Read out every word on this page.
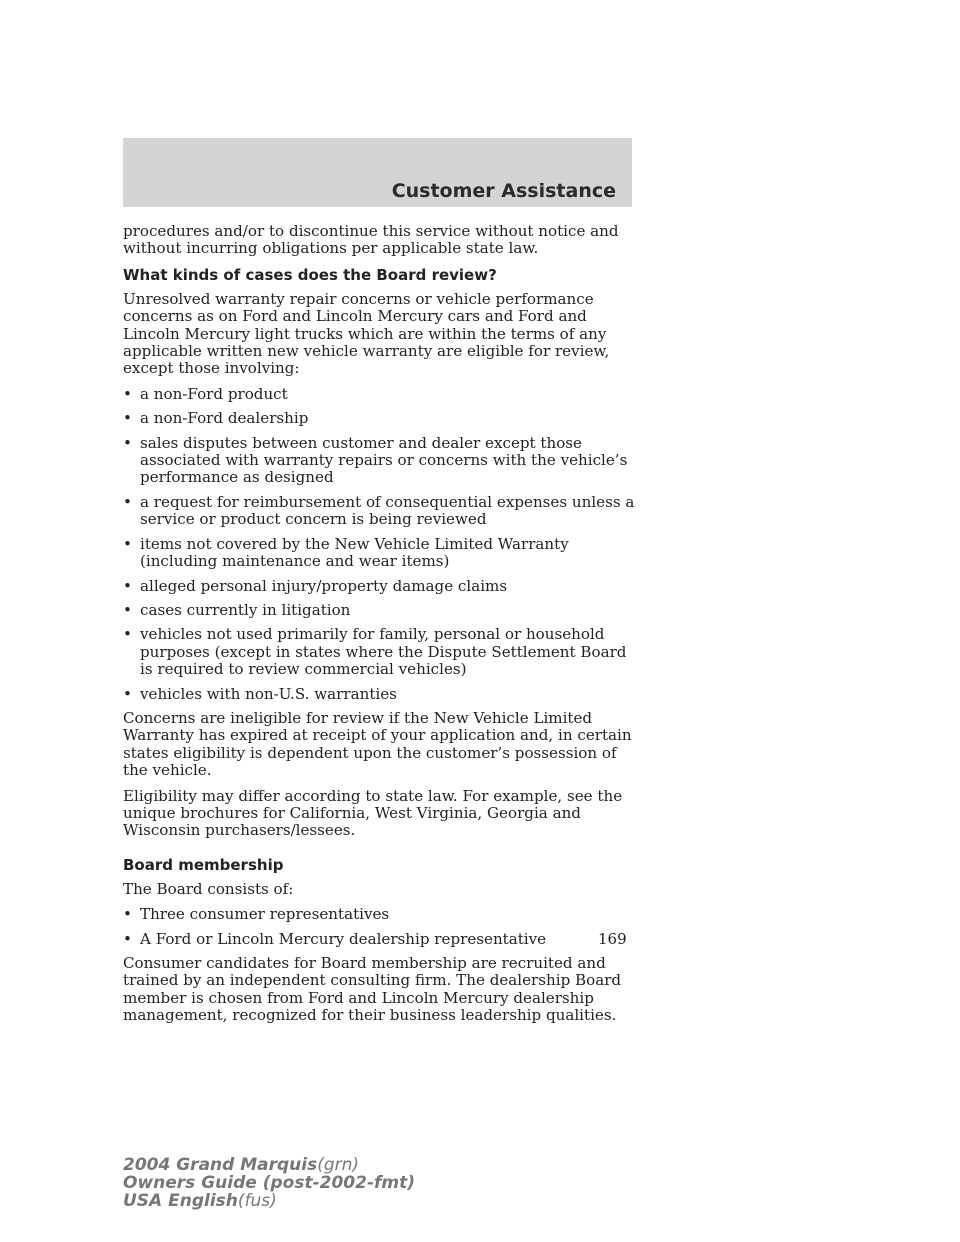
Customer Assistance

procedures and/or to discontinue this service without notice and without incurring obligations per applicable state law.

What kinds of cases does the Board review?

Unresolved warranty repair concerns or vehicle performance concerns as on Ford and Lincoln Mercury cars and Ford and Lincoln Mercury light trucks which are within the terms of any applicable written new vehicle warranty are eligible for review, except those involving:

• a non-Ford product
• a non-Ford dealership
• sales disputes between customer and dealer except those associated with warranty repairs or concerns with the vehicle’s performance as designed
• a request for reimbursement of consequential expenses unless a service or product concern is being reviewed
• items not covered by the New Vehicle Limited Warranty (including maintenance and wear items)
• alleged personal injury/property damage claims
• cases currently in litigation
• vehicles not used primarily for family, personal or household purposes (except in states where the Dispute Settlement Board is required to review commercial vehicles)
• vehicles with non-U.S. warranties

Concerns are ineligible for review if the New Vehicle Limited Warranty has expired at receipt of your application and, in certain states eligibility is dependent upon the customer’s possession of the vehicle.

Eligibility may differ according to state law. For example, see the unique brochures for California, West Virginia, Georgia and Wisconsin purchasers/lessees.

Board membership

The Board consists of:

• Three consumer representatives
• A Ford or Lincoln Mercury dealership representative

Consumer candidates for Board membership are recruited and trained by an independent consulting firm. The dealership Board member is chosen from Ford and Lincoln Mercury dealership management, recognized for their business leadership qualities.

169
2004 Grand Marquis(grn)
Owners Guide (post-2002-fmt)
USA English(fus)
